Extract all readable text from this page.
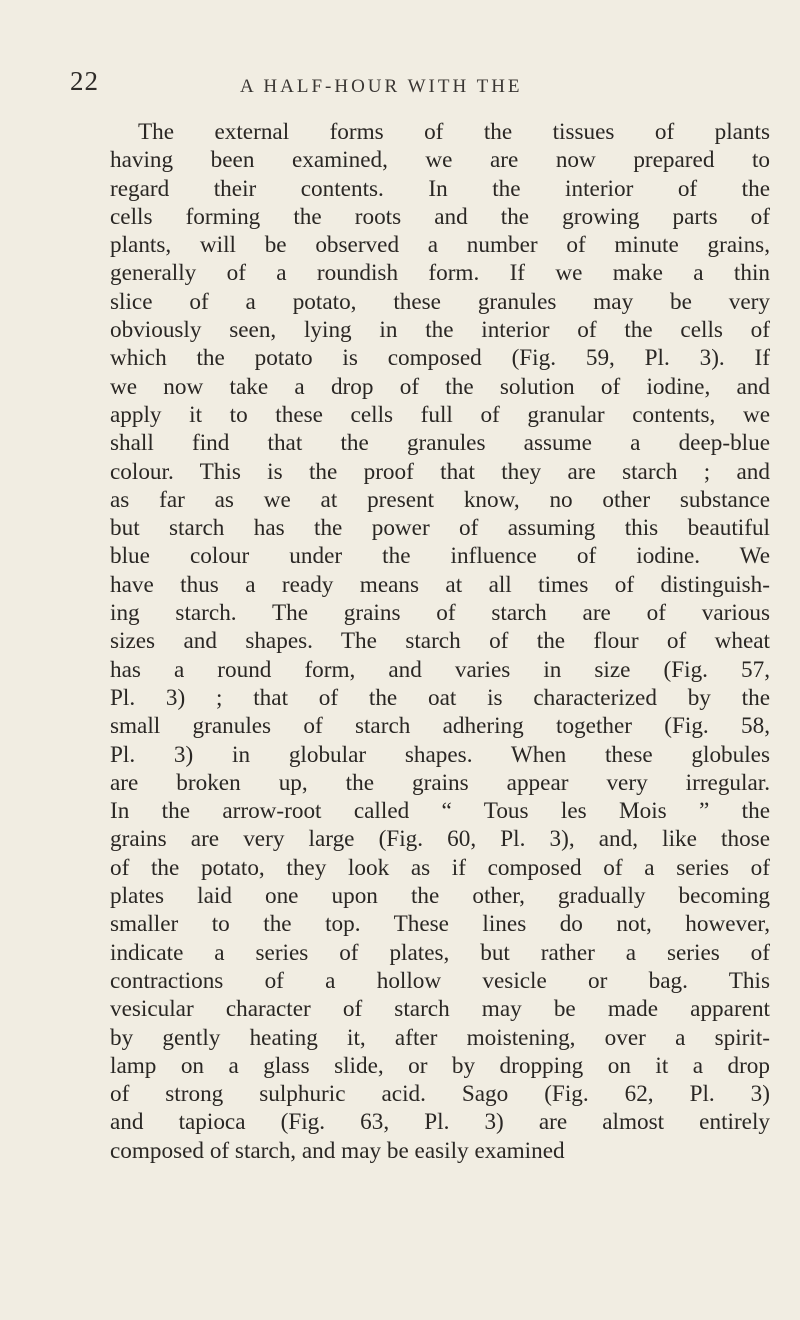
22	A HALF-HOUR WITH THE
The external forms of the tissues of plants
having been examined, we are now prepared to
regard their contents. In the interior of the
cells forming the roots and the growing parts of
plants, will be observed a number of minute grains,
generally of a roundish form. If we make a thin
slice of a potato, these granules may be very
obviously seen, lying in the interior of the cells of
which the potato is composed (Fig. 59, Pl. 3). If
we now take a drop of the solution of iodine, and
apply it to these cells full of granular contents, we
shall find that the granules assume a deep-blue
colour. This is the proof that they are starch ; and
as far as we at present know, no other substance
but starch has the power of assuming this beautiful
blue colour under the influence of iodine. We
have thus a ready means at all times of distinguish-
ing starch. The grains of starch are of various
sizes and shapes. The starch of the flour of wheat
has a round form, and varies in size (Fig. 57,
Pl. 3) ; that of the oat is characterized by the
small granules of starch adhering together (Fig. 58,
Pl. 3) in globular shapes. When these globules
are broken up, the grains appear very irregular.
In the arrow-root called “ Tous les Mois ” the
grains are very large (Fig. 60, Pl. 3), and, like those
of the potato, they look as if composed of a series of
plates laid one upon the other, gradually becoming
smaller to the top. These lines do not, however,
indicate a series of plates, but rather a series of
contractions of a hollow vesicle or bag. This
vesicular character of starch may be made apparent
by gently heating it, after moistening, over a spirit-
lamp on a glass slide, or by dropping on it a drop
of strong sulphuric acid. Sago (Fig. 62, Pl. 3)
and tapioca (Fig. 63, Pl. 3) are almost entirely
composed of starch, and may be easily examined
